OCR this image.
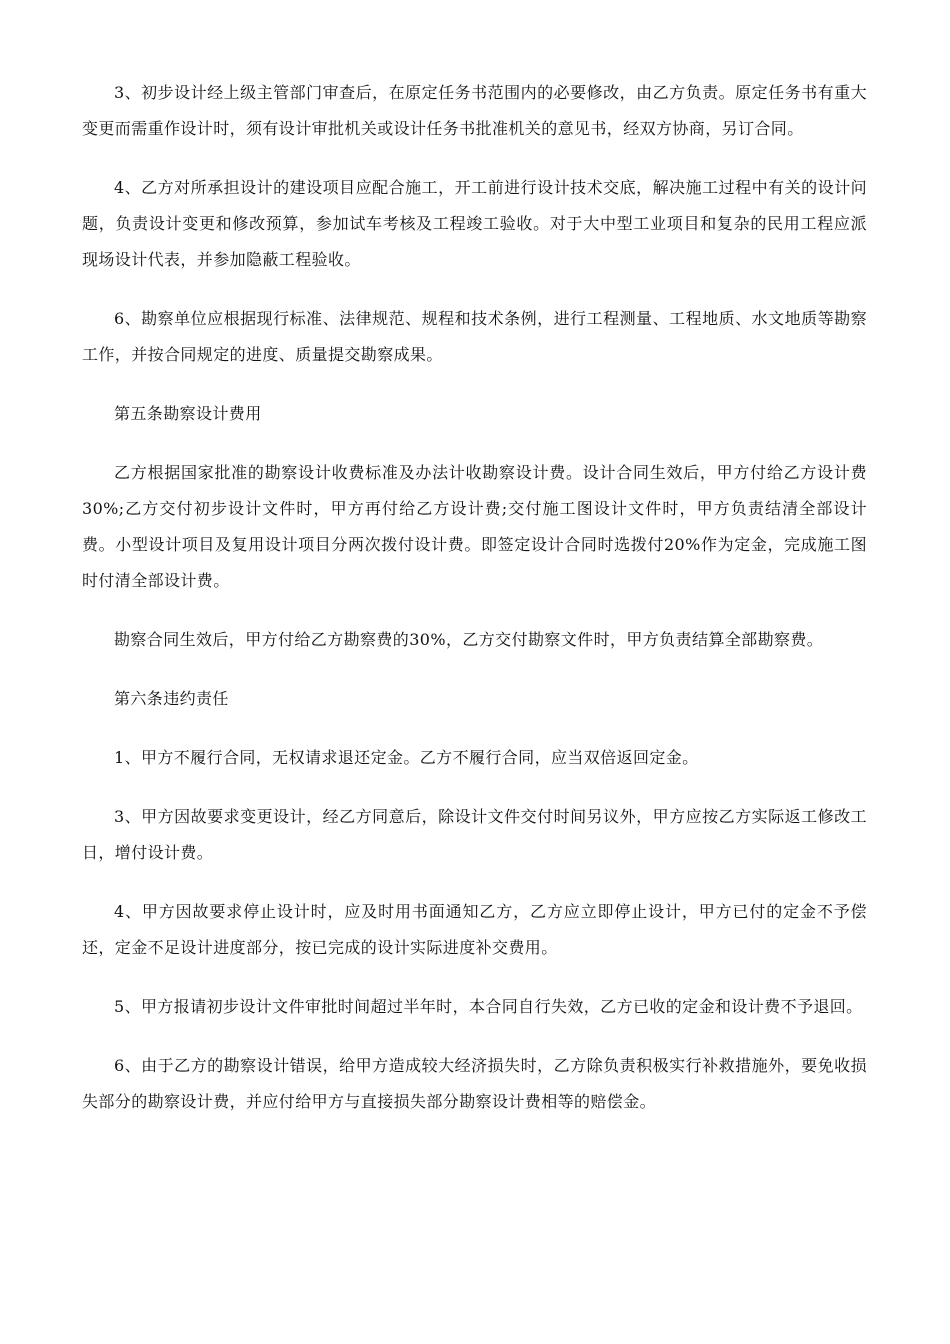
3、初步设计经上级主管部门审查后，在原定任务书范围内的必要修改，由乙方负责。原定任务书有重大变更而需重作设计时，须有设计审批机关或设计任务书批准机关的意见书，经双方协商，另订合同。

4、乙方对所承担设计的建设项目应配合施工，开工前进行设计技术交底，解决施工过程中有关的设计问题，负责设计变更和修改预算，参加试车考核及工程竣工验收。对于大中型工业项目和复杂的民用工程应派现场设计代表，并参加隐蔽工程验收。

6、勘察单位应根据现行标准、法律规范、规程和技术条例，进行工程测量、工程地质、水文地质等勘察工作，并按合同规定的进度、质量提交勘察成果。

第五条勘察设计费用

乙方根据国家批准的勘察设计收费标准及办法计收勘察设计费。设计合同生效后，甲方付给乙方设计费30%;乙方交付初步设计文件时，甲方再付给乙方设计费;交付施工图设计文件时，甲方负责结清全部设计费。小型设计项目及复用设计项目分两次拨付设计费。即签定设计合同时选拨付20%作为定金，完成施工图时付清全部设计费。

勘察合同生效后，甲方付给乙方勘察费的30%，乙方交付勘察文件时，甲方负责结算全部勘察费。

第六条违约责任

1、甲方不履行合同，无权请求退还定金。乙方不履行合同，应当双倍返回定金。

3、甲方因故要求变更设计，经乙方同意后，除设计文件交付时间另议外，甲方应按乙方实际返工修改工日，增付设计费。

4、甲方因故要求停止设计时，应及时用书面通知乙方，乙方应立即停止设计，甲方已付的定金不予偿还，定金不足设计进度部分，按已完成的设计实际进度补交费用。

5、甲方报请初步设计文件审批时间超过半年时，本合同自行失效，乙方已收的定金和设计费不予退回。

6、由于乙方的勘察设计错误，给甲方造成较大经济损失时，乙方除负责积极实行补救措施外，要免收损失部分的勘察设计费，并应付给甲方与直接损失部分勘察设计费相等的赔偿金。
